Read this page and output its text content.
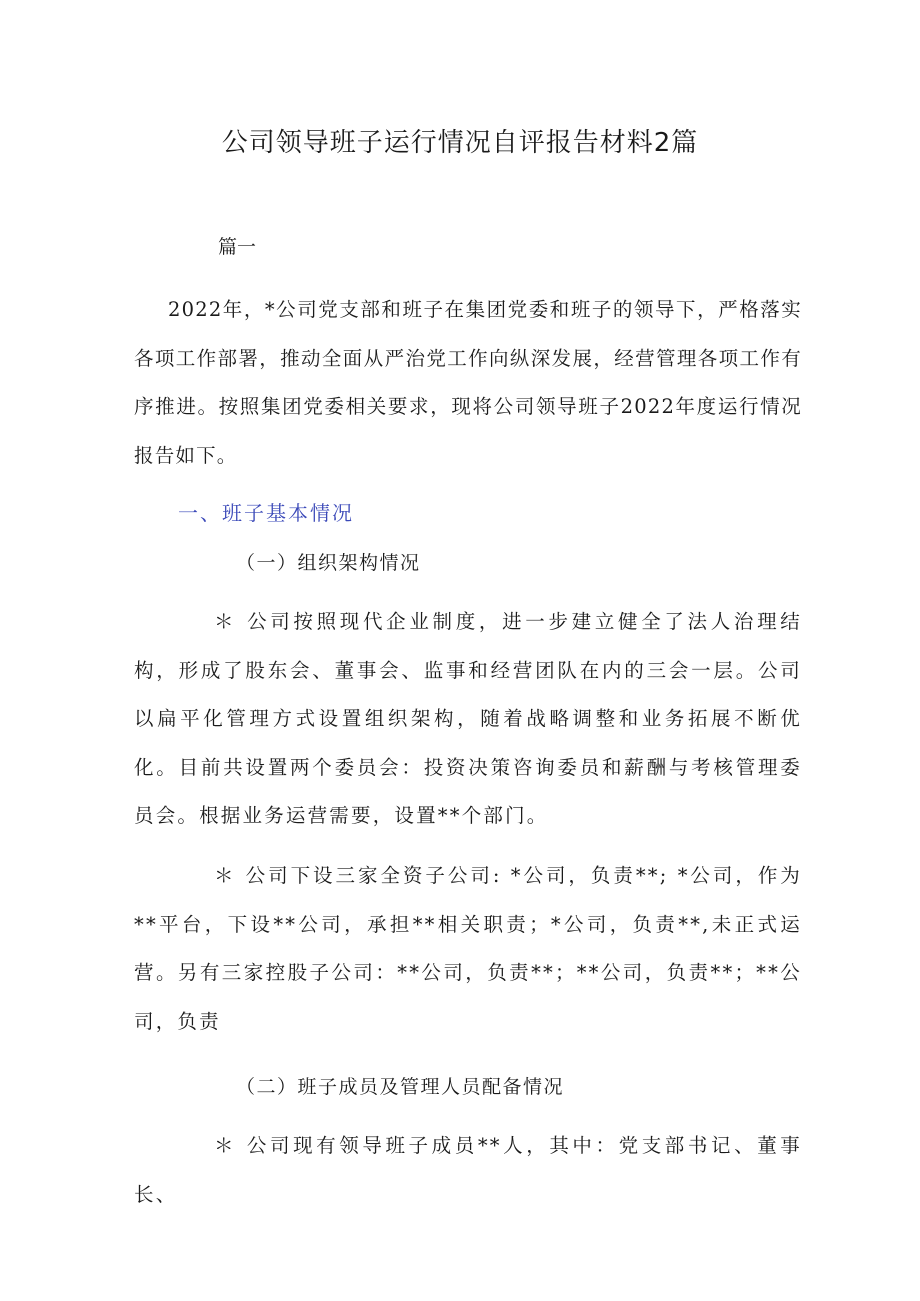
公司领导班子运行情况自评报告材料2篇

篇一

2022年，*公司党支部和班子在集团党委和班子的领导下，严格落实各项工作部署，推动全面从严治党工作向纵深发展，经营管理各项工作有序推进。按照集团党委相关要求，现将公司领导班子2022年度运行情况报告如下。

一、班子基本情况
（一）组织架构情况

＊ 公司按照现代企业制度，进一步建立健全了法人治理结构，形成了股东会、董事会、监事和经营团队在内的三会一层。公司以扁平化管理方式设置组织架构，随着战略调整和业务拓展不断优化。目前共设置两个委员会：投资决策咨询委员和薪酬与考核管理委员会。根据业务运营需要，设置**个部门。

＊ 公司下设三家全资子公司: *公司，负责**; *公司，作为**平台，下设**公司，承担**相关职责；*公司，负责**,未正式运营。另有三家控股子公司：**公司，负责**；**公司，负责**；**公司，负责

（二）班子成员及管理人员配备情况

＊ 公司现有领导班子成员**人，其中：党支部书记、董事长、
